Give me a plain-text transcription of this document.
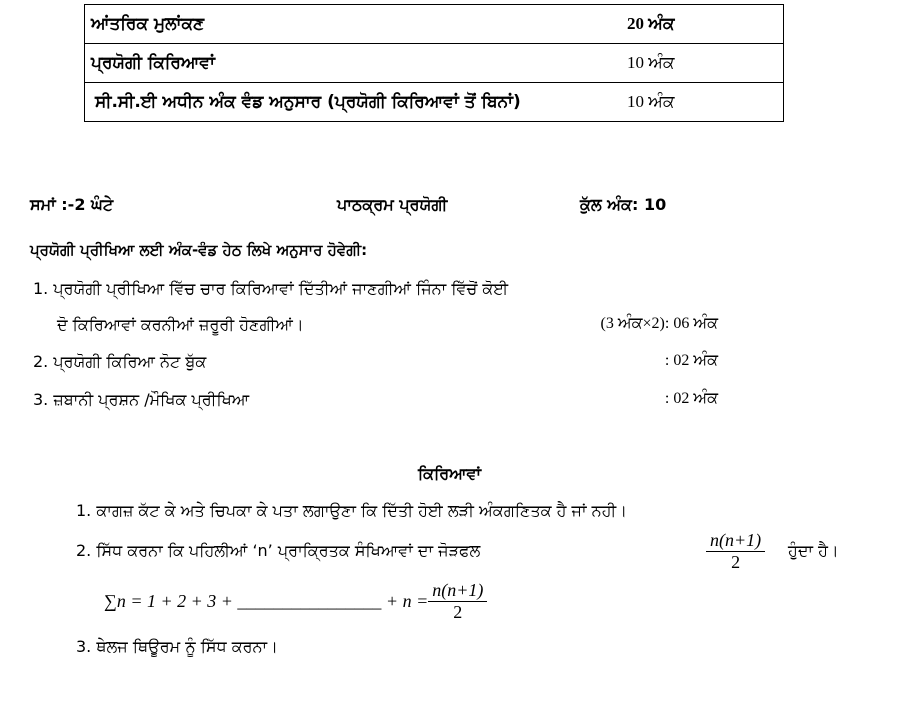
ਆਂਤਰਿਕ ਮੁਲਾਂਕਣ	20 ਅੰਕ
ਪ੍ਰਯੋਗੀ ਕਿਰਿਆਵਾਂ	10 ਅੰਕ
ਸੀ.ਸੀ.ਈ ਅਧੀਨ ਅੰਕ ਵੰਡ ਅਨੁਸਾਰ (ਪ੍ਰਯੋਗੀ ਕਿਰਿਆਵਾਂ ਤੋਂ ਬਿਨਾਂ)	10 ਅੰਕ
ਸਮਾਂ :-2 ਘੰਟੇ	ਪਾਠਕ੍ਰਮ ਪ੍ਰਯੋਗੀ	ਕੁੱਲ ਅੰਕ: 10
ਪ੍ਰਯੋਗੀ ਪ੍ਰੀਖਿਆ ਲਈ ਅੰਕ-ਵੰਡ ਹੇਠ ਲਿਖੇ ਅਨੁਸਾਰ ਹੋਵੇਗੀ:
1. ਪ੍ਰਯੋਗੀ ਪ੍ਰੀਖਿਆ ਵਿੱਚ ਚਾਰ ਕਿਰਿਆਵਾਂ ਦਿੱਤੀਆਂ ਜਾਣਗੀਆਂ ਜਿੰਨਾ ਵਿੱਚੋਂ ਕੋਈ
ਦੋ ਕਿਰਿਆਵਾਂ ਕਰਨੀਆਂ ਜ਼ਰੂਰੀ ਹੋਣਗੀਆਂ।	(3 ਅੰਕ×2): 06 ਅੰਕ
2. ਪ੍ਰਯੋਗੀ ਕਿਰਿਆ ਨੋਟ ਬੁੱਕ	: 02 ਅੰਕ
3. ਜ਼ਬਾਨੀ ਪ੍ਰਸ਼ਨ /ਮੌਖਿਕ ਪ੍ਰੀਖਿਆ	: 02 ਅੰਕ
ਕਿਰਿਆਵਾਂ
1. ਕਾਗਜ਼ ਕੱਟ ਕੇ ਅਤੇ ਚਿਪਕਾ ਕੇ ਪਤਾ ਲਗਾਉਣਾ ਕਿ ਦਿੱਤੀ ਹੋਈ ਲੜੀ ਅੰਕਗਣਿਤਕ ਹੈ ਜਾਂ ਨਹੀ।
2. ਸਿੱਧ ਕਰਨਾ ਕਿ ਪਹਿਲੀਆਂ ‘n’ ਪ੍ਰਾਕ੍ਰਿਤਕ ਸੰਖਿਆਵਾਂ ਦਾ ਜੋੜਫਲ	$\frac{n(n+1)}{2}$ ਹੁੰਦਾ ਹੈ।
∑n = 1 + 2 + 3 + ________________ + $n = \frac{n(n+1)}{2}$
3. ਥੇਲਜ ਥਿਊਰਮ ਨੂੰ ਸਿੱਧ ਕਰਨਾ।
